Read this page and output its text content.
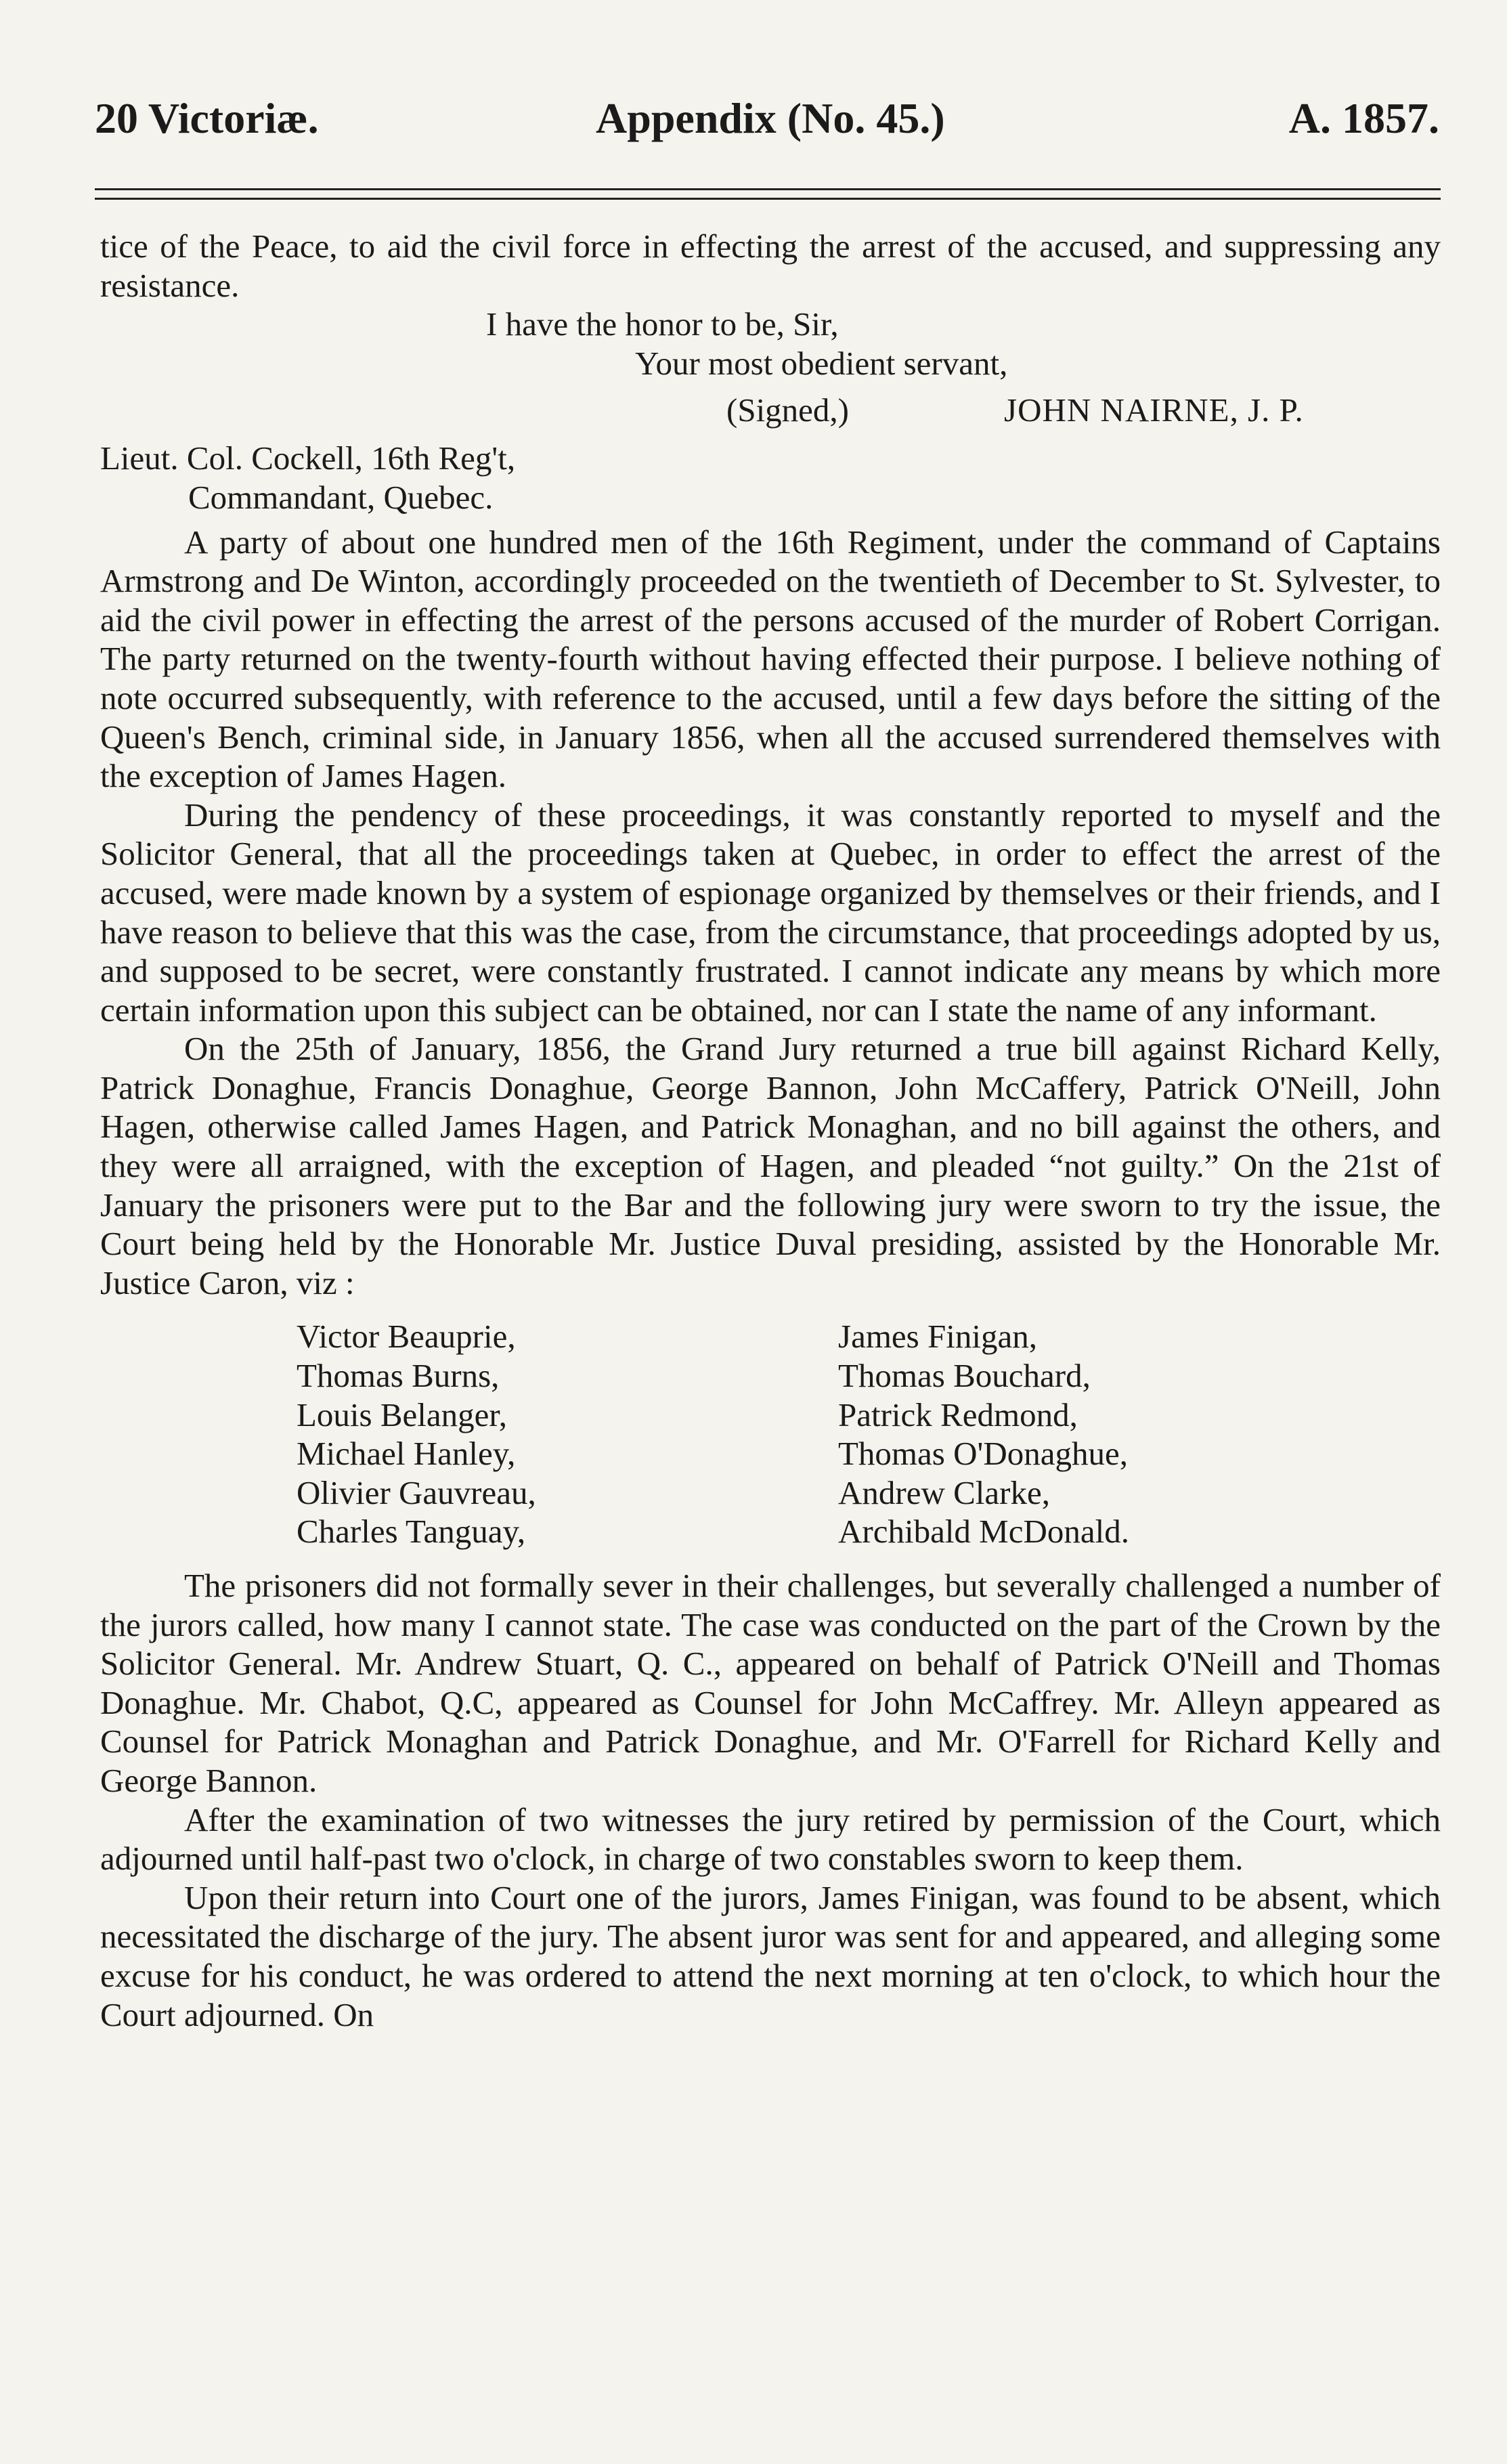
20 Victoriæ.	Appendix (No. 45.)	A. 1857.

tice of the Peace, to aid the civil force in effecting the arrest of the accused, and suppressing any resistance.

I have the honor to be, Sir,
Your most obedient servant,
(Signed,)	JOHN NAIRNE, J. P.
Lieut. Col. Cockell, 16th Reg't,
Commandant, Quebec.

A party of about one hundred men of the 16th Regiment, under the command of Captains Armstrong and De Winton, accordingly proceeded on the twentieth of December to St. Sylvester, to aid the civil power in effecting the arrest of the persons accused of the murder of Robert Corrigan. The party returned on the twenty-fourth without having effected their purpose. I believe nothing of note occurred subsequently, with reference to the accused, until a few days before the sitting of the Queen's Bench, criminal side, in January 1856, when all the accused surrendered themselves with the exception of James Hagen.

During the pendency of these proceedings, it was constantly reported to myself and the Solicitor General, that all the proceedings taken at Quebec, in order to effect the arrest of the accused, were made known by a system of espionage organized by themselves or their friends, and I have reason to believe that this was the case, from the circumstance, that proceedings adopted by us, and supposed to be secret, were constantly frustrated. I cannot indicate any means by which more certain information upon this subject can be obtained, nor can I state the name of any informant.

On the 25th of January, 1856, the Grand Jury returned a true bill against Richard Kelly, Patrick Donaghue, Francis Donaghue, George Bannon, John McCaffery, Patrick O'Neill, John Hagen, otherwise called James Hagen, and Patrick Monaghan, and no bill against the others, and they were all arraigned, with the exception of Hagen, and pleaded “not guilty.” On the 21st of January the prisoners were put to the Bar and the following jury were sworn to try the issue, the Court being held by the Honorable Mr. Justice Duval presiding, assisted by the Honorable Mr. Justice Caron, viz :

Victor Beauprie,
Thomas Burns,
Louis Belanger,
Michael Hanley,
Olivier Gauvreau,
Charles Tanguay,
James Finigan,
Thomas Bouchard,
Patrick Redmond,
Thomas O'Donaghue,
Andrew Clarke,
Archibald McDonald.

The prisoners did not formally sever in their challenges, but severally challenged a number of the jurors called, how many I cannot state. The case was conducted on the part of the Crown by the Solicitor General. Mr. Andrew Stuart, Q. C., appeared on behalf of Patrick O'Neill and Thomas Donaghue. Mr. Chabot, Q.C, appeared as Counsel for John McCaffrey. Mr. Alleyn appeared as Counsel for Patrick Monaghan and Patrick Donaghue, and Mr. O'Farrell for Richard Kelly and George Bannon.

After the examination of two witnesses the jury retired by permission of the Court, which adjourned until half-past two o'clock, in charge of two constables sworn to keep them.

Upon their return into Court one of the jurors, James Finigan, was found to be absent, which necessitated the discharge of the jury. The absent juror was sent for and appeared, and alleging some excuse for his conduct, he was ordered to attend the next morning at ten o'clock, to which hour the Court adjourned. On
